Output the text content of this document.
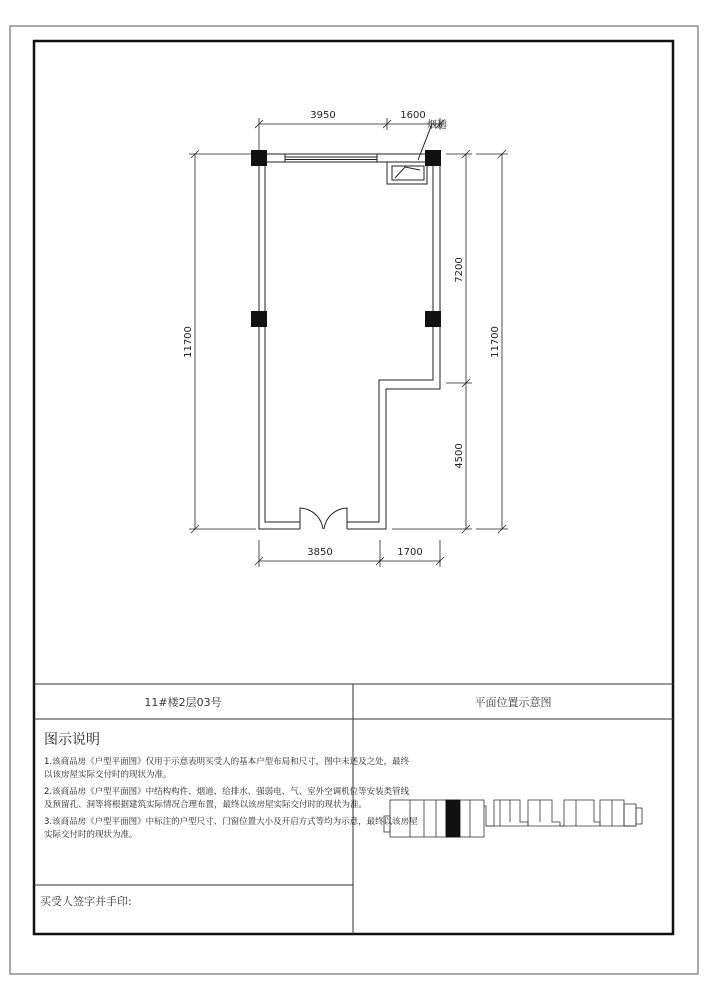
11#楼2层03号	平面位置示意图
图示说明
1.该商品房《户型平面图》仅用于示意表明买受人的基本户型布局和尺寸，图中未述及之处，最终
以该房屋实际交付时的现状为准。
2.该商品房《户型平面图》中结构构件、烟道、给排水、强弱电、气、室外空调机位等安装类管线
及预留孔、洞等将根据建筑实际情况合理布置，最终以该房屋实际交付时的现状为准。
3.该商品房《户型平面图》中标注的户型尺寸、门窗位置大小及开启方式等均为示意，最终以该房屋
实际交付时的现状为准。
买受人签字并手印:
烟道
3950	1600
3850	1700
11700
7200
4500
11700
